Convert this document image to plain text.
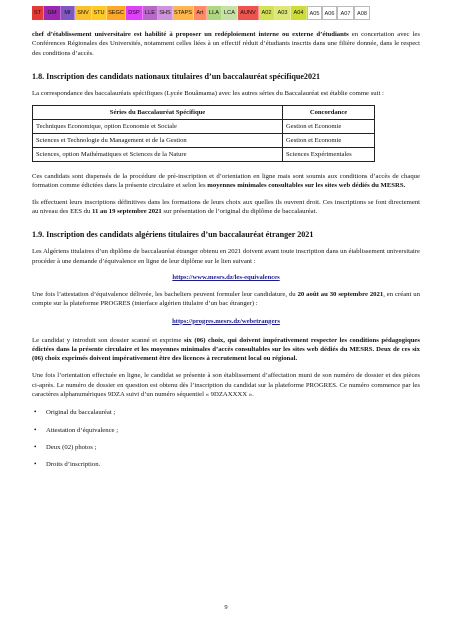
ST	GM	MI	SNV STU SEGC DSP LLE SHS STAPS Art LLA LCA AUNV	A02	A03	A04	A05 A06	A07	A08

chef d’établissement universitaire est habilité à proposer un redéploiement interne ou externe d’étudiants en concertation avec les Conférences Régionales des Universités, notamment celles liées à un effectif réduit d’étudiants inscrits dans une filière donnée, dans le respect des conditions d’accès.

1.8. Inscription des candidats nationaux titulaires d’un baccalauréat spécifique2021

La correspondance des baccalauréats spécifiques (Lycée Bouâmama) avec les autres séries du Baccalauréat est établie comme suit :

Séries du Baccalauréat Spécifique	Concordance
Techniques Economique, option Economie et Sociale	Gestion et Economie
Sciences et Technologie du Management et de la Gestion	Gestion et Economie
Sciences, option Mathématiques et Sciences de la Nature	Sciences Expérimentales

Ces candidats sont dispensés de la procédure de pré-inscription et d’orientation en ligne mais sont soumis aux conditions d’accès de chaque formation comme édictées dans la présente circulaire et selon les moyennes minimales consultables sur les sites web dédiés du MESRS.

Ils effectuent leurs inscriptions définitives dans les formations de leurs choix aux quelles ils ouvrent droit. Ces inscriptions se font directement au niveau des EES du 11 au 19 septembre 2021 sur présentation de l’original du diplôme de baccalauréat.

1.9. Inscription des candidats algériens titulaires d’un baccalauréat étranger 2021

Les Algériens titulaires d’un diplôme de baccalauréat étranger obtenu en 2021 doivent avant toute inscription dans un établissement universitaire procéder à une demande d’équivalence en ligne de leur diplôme sur le lien suivant :

https://www.mesrs.dz/les-equivalences

Une fois l’attestation d’équivalence délivrée, les bacheliers peuvent formuler leur candidature, du 20 août au 30 septembre 2021, en créant un compte sur la plateforme PROGRES (interface algérien titulaire d’un bac étranger) :

https://progres.mesrs.dz/webetrangers

Le candidat y introduit son dossier scanné et exprime six (06) choix, qui doivent impérativement respecter les conditions pédagogiques édictées dans la présente circulaire et les moyennes minimales d’accès consultables sur les sites web dédiés du MESRS. Deux de ces six (06) choix exprimés doivent impérativement être des licences à recrutement local ou régional.

Une fois l’orientation effectuée en ligne, le candidat se présente à son établissement d’affectation muni de son numéro de dossier et des pièces ci-après. Le numéro de dossier en question est obtenu dès l’inscription du candidat sur la plateforme PROGRES. Ce numéro commence par les caractères alphanumériques 9DZA suivi d’un numéro séquentiel « 9DZAXXXX ».

• Original du baccalauréat ;
• Attestation d’équivalence ;
• Deux (02) photos ;
• Droits d’inscription.
9
